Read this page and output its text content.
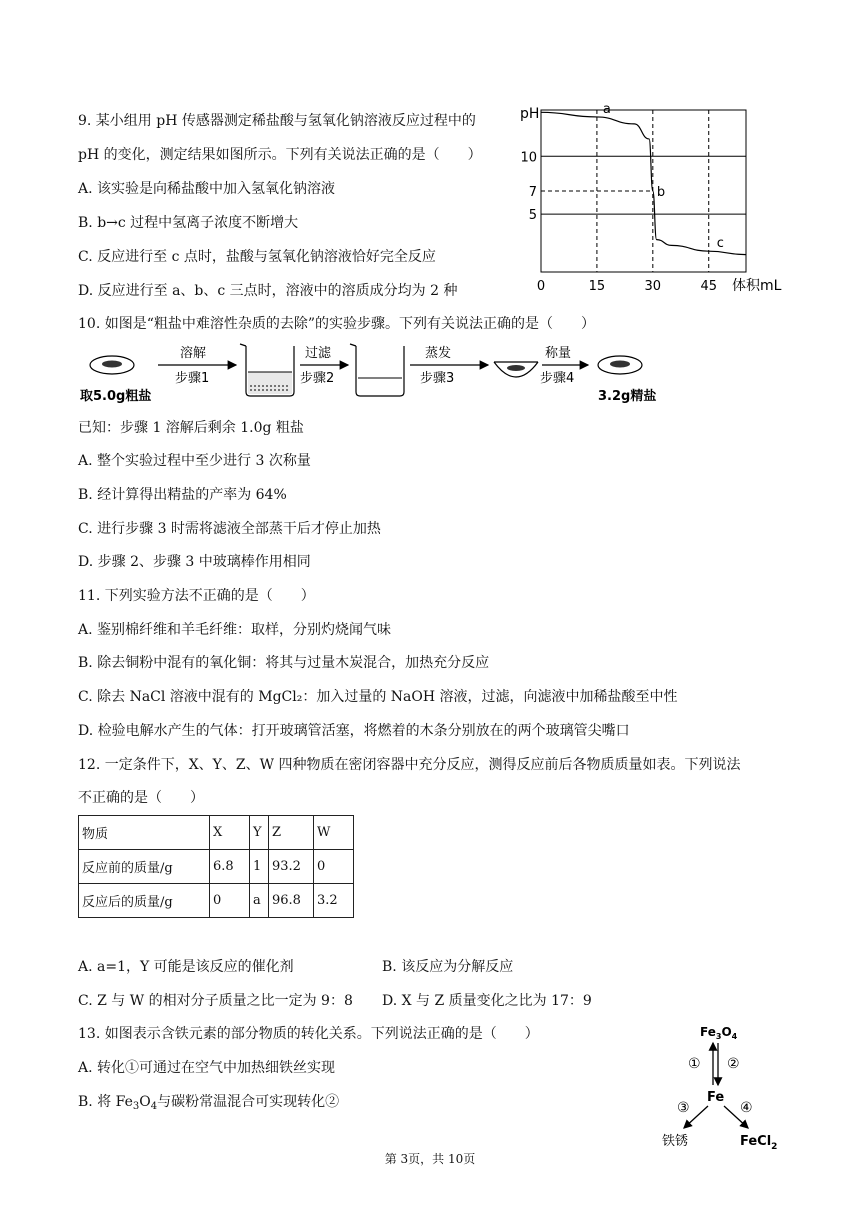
9. 某小组用 pH 传感器测定稀盐酸与氢氧化钠溶液反应过程中的
pH 的变化，测定结果如图所示。下列有关说法正确的是（　　）
A. 该实验是向稀盐酸中加入氢氧化钠溶液
B. b→c 过程中氢离子浓度不断增大
C. 反应进行至 c 点时，盐酸与氢氧化钠溶液恰好完全反应
D. 反应进行至 a、b、c 三点时，溶液中的溶质成分均为 2 种
pH
0	15	30	45
10
7
5
a
b
c
体积mL
10. 如图是“粗盐中难溶性杂质的去除”的实验步骤。下列有关说法正确的是（　　）
取5.0g粗盐
溶解
步骤1
过滤
步骤2
蒸发
步骤3
称量
步骤4
3.2g精盐
已知：步骤 1 溶解后剩余 1.0g 粗盐
A. 整个实验过程中至少进行 3 次称量
B. 经计算得出精盐的产率为 64%
C. 进行步骤 3 时需将滤液全部蒸干后才停止加热
D. 步骤 2、步骤 3 中玻璃棒作用相同
11. 下列实验方法不正确的是（　　）
A. 鉴别棉纤维和羊毛纤维：取样，分别灼烧闻气味
B. 除去铜粉中混有的氧化铜：将其与过量木炭混合，加热充分反应
C. 除去 NaCl 溶液中混有的 MgCl₂：加入过量的 NaOH 溶液，过滤，向滤液中加稀盐酸至中性
D. 检验电解水产生的气体：打开玻璃管活塞，将燃着的木条分别放在的两个玻璃管尖嘴口
12. 一定条件下，X、Y、Z、W 四种物质在密闭容器中充分反应，测得反应前后各物质质量如表。下列说法
不正确的是（　　）
物质	X	Y	Z	W
反应前的质量/g	6.8	1	93.2	0
反应后的质量/g	0	a	96.8	3.2
A. a=1，Y 可能是该反应的催化剂	B. 该反应为分解反应
C. Z 与 W 的相对分子质量之比一定为 9：8 D. X 与 Z 质量变化之比为 17：9
13. 如图表示含铁元素的部分物质的转化关系。下列说法正确的是（　　）
A. 转化①可通过在空气中加热细铁丝实现
B. 将 $Fe_3O_4$与碳粉常温混合可实现转化②
$Fe_3O_4$
① ②
Fe
③	④
铁锈	FeCl$_2$
第 3页，共 10页
